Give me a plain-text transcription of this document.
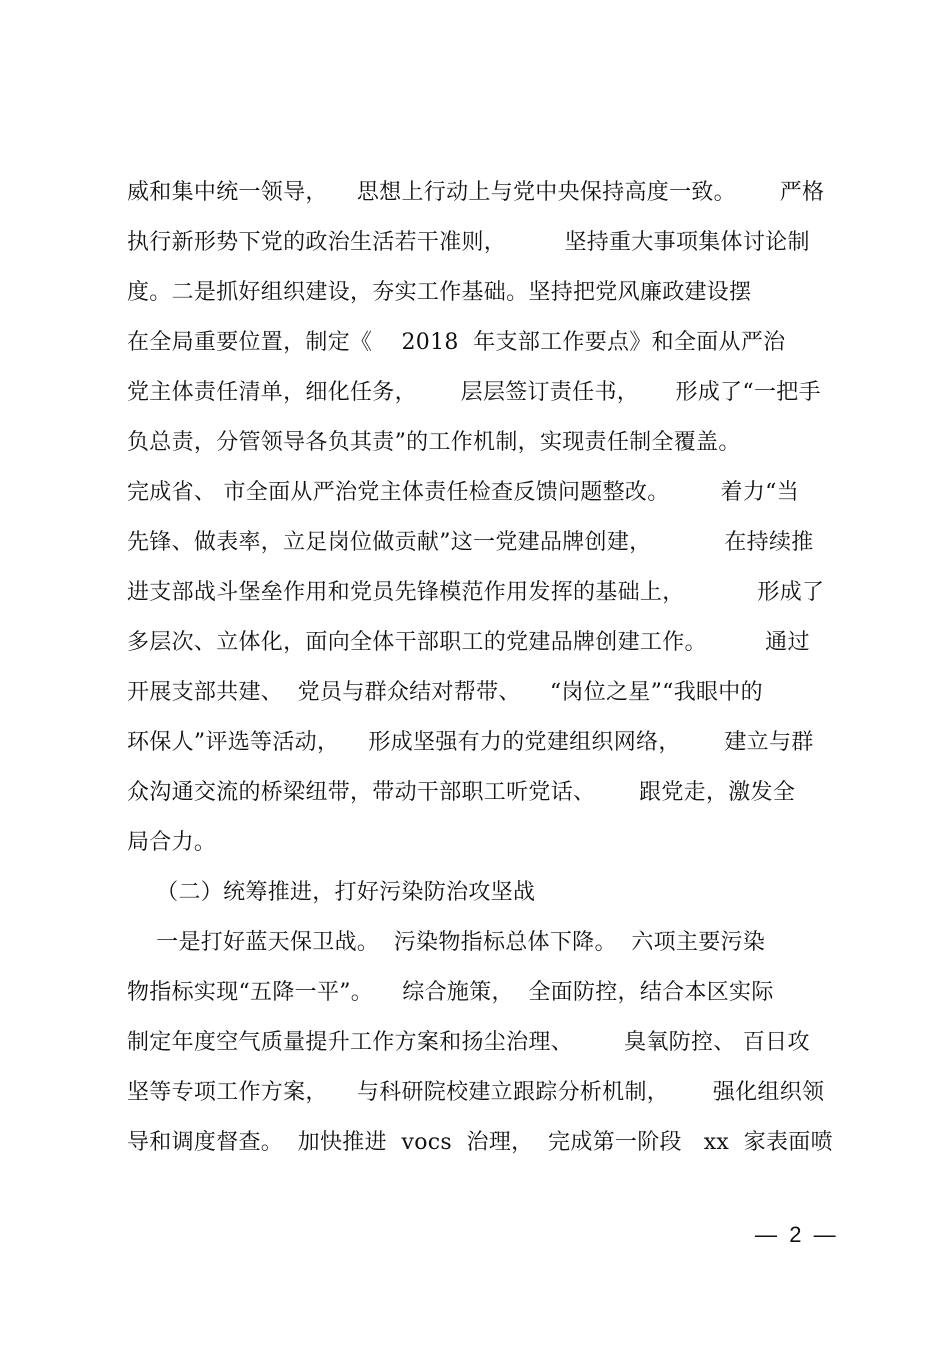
威和集中统一领导，    思想上行动上与党中央保持高度一致。      严格
执行新形势下党的政治生活若干准则，        坚持重大事项集体讨论制
度。二是抓好组织建设，夯实工作基础。坚持把党风廉政建设摆
在全局重要位置，制定《    2018  年支部工作要点》和全面从严治
党主体责任清单，细化任务，      层层签订责任书，     形成了“一把手
负总责，分管领导各负其责”的工作机制，实现责任制全覆盖。
完成省、 市全面从严治党主体责任检查反馈问题整改。       着力“当
先锋、做表率，立足岗位做贡献”这一党建品牌创建，          在持续推
进支部战斗堡垒作用和党员先锋模范作用发挥的基础上，          形成了
多层次、立体化，面向全体干部职工的党建品牌创建工作。        通过
开展支部共建、  党员与群众结对帮带、    “岗位之星”“我眼中的
环保人”评选等活动，    形成坚强有力的党建组织网络，      建立与群
众沟通交流的桥梁纽带，带动干部职工听党话、      跟党走，激发全
局合力。
（二）统筹推进，打好污染防治攻坚战
一是打好蓝天保卫战。  污染物指标总体下降。  六项主要污染
物指标实现“五降一平”。    综合施策，  全面防控，结合本区实际
制定年度空气质量提升工作方案和扬尘治理、       臭氧防控、 百日攻
坚等专项工作方案，    与科研院校建立跟踪分析机制，      强化组织领
导和调度督查。  加快推进  vocs  治理，  完成第一阶段   xx  家表面喷
—  2  —
